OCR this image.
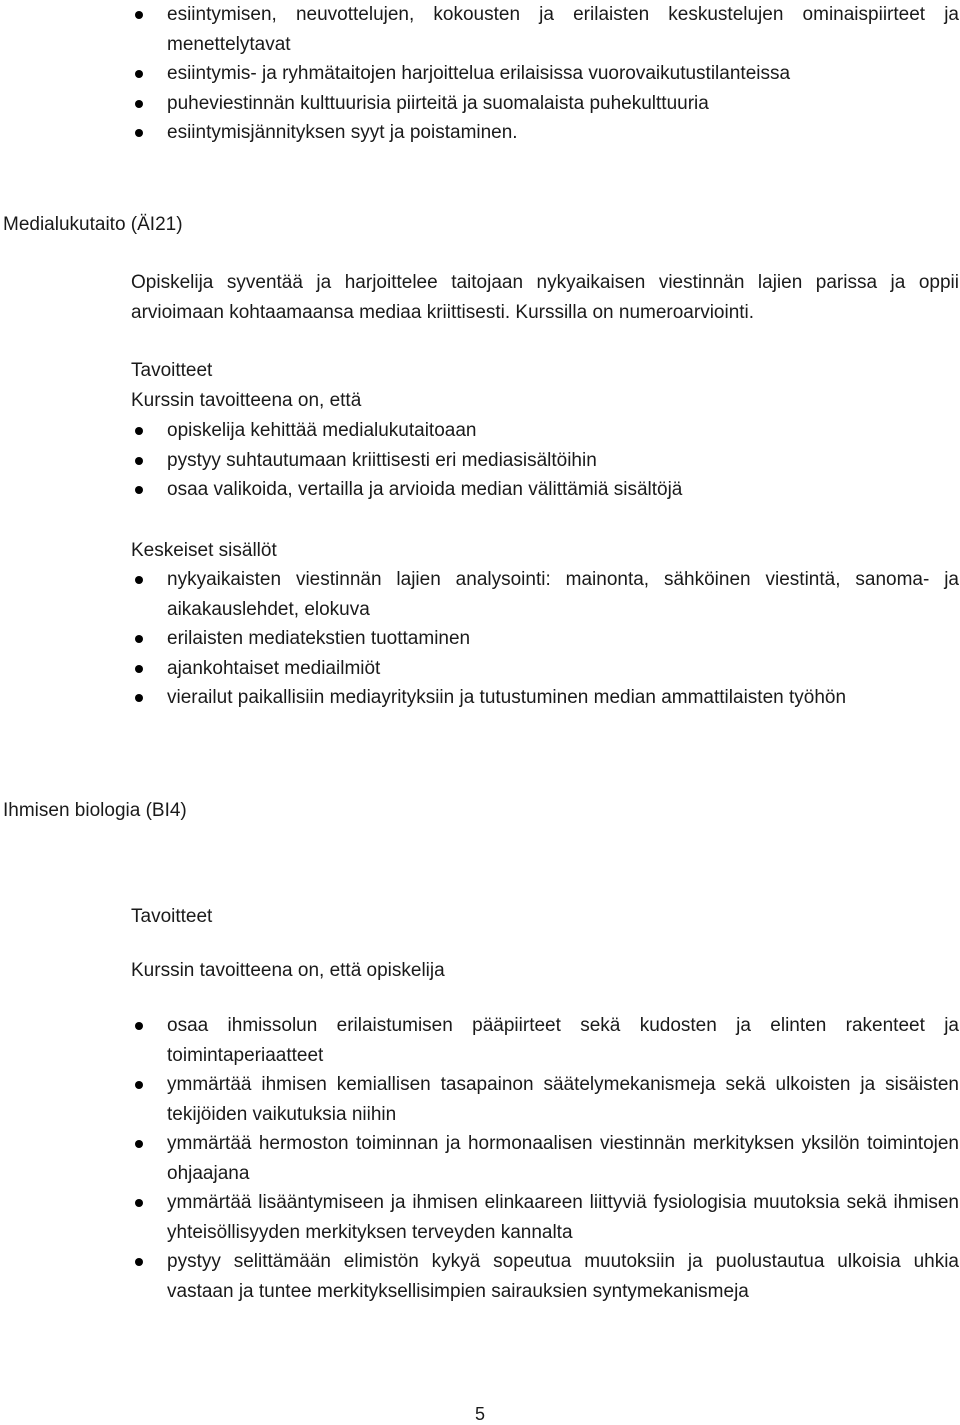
esiintymisen, neuvottelujen, kokousten ja erilaisten keskustelujen ominaispiirteet ja menettelytavat
esiintymis- ja ryhmätaitojen harjoittelua erilaisissa vuorovaikutustilanteissa
puheviestinnän kulttuurisia piirteitä ja suomalaista puhekulttuuria
esiintymisjännityksen syyt ja poistaminen.
Medialukutaito (ÄI21)
Opiskelija syventää ja harjoittelee taitojaan nykyaikaisen viestinnän lajien parissa ja oppii arvioimaan kohtaamaansa mediaa kriittisesti. Kurssilla on numeroarviointi.
Tavoitteet
Kurssin tavoitteena on, että
opiskelija kehittää medialukutaitoaan
pystyy suhtautumaan kriittisesti eri mediasisältöihin
osaa valikoida, vertailla ja arvioida median välittämiä sisältöjä
Keskeiset sisällöt
nykyaikaisten viestinnän lajien analysointi: mainonta, sähköinen viestintä, sanoma- ja aikakauslehdet, elokuva
erilaisten mediatekstien tuottaminen
ajankohtaiset mediailmiöt
vierailut paikallisiin mediayrityksiin ja tutustuminen median ammattilaisten työhön
Ihmisen biologia (BI4)
Tavoitteet
Kurssin tavoitteena on, että opiskelija
osaa ihmissolun erilaistumisen pääpiirteet sekä kudosten ja elinten rakenteet ja toimintaperiaatteet
ymmärtää ihmisen kemiallisen tasapainon säätelymekanismeja sekä ulkoisten ja sisäisten tekijöiden vaikutuksia niihin
ymmärtää hermoston toiminnan ja hormonaalisen viestinnän merkityksen yksilön toimintojen ohjaajana
ymmärtää lisääntymiseen ja ihmisen elinkaareen liittyviä fysiologisia muutoksia sekä ihmisen yhteisöllisyyden merkityksen terveyden kannalta
pystyy selittämään elimistön kykyä sopeutua muutoksiin ja puolustautua ulkoisia uhkia vastaan ja tuntee merkityksellisimpien sairauksien syntymekanismeja
5
